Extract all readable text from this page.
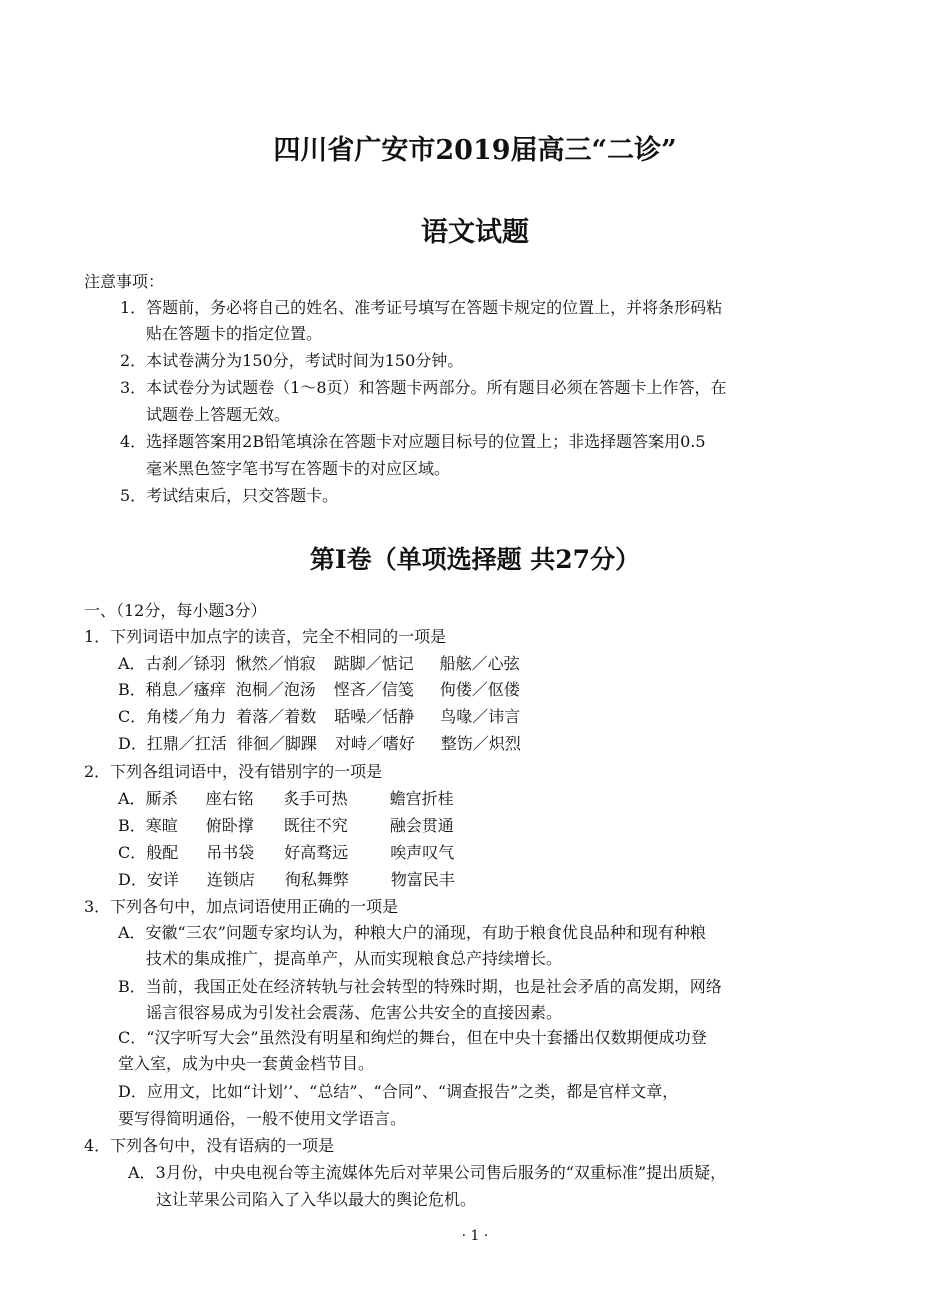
四川省广安市2019届高三“二诊”
语文试题
注意事项：
1．答题前，务必将自己的姓名、准考证号填写在答题卡规定的位置上，并将条形码粘
贴在答题卡的指定位置。
2．本试卷满分为150分，考试时间为150分钟。
3．本试卷分为试题卷（1～8页）和答题卡两部分。所有题目必须在答题卡上作答，在
试题卷上答题无效。
4．选择题答案用2B铅笔填涂在答题卡对应题目标号的位置上；非选择题答案用0.5
毫米黑色签字笔书写在答题卡的对应区域。
5．考试结束后，只交答题卡。
第Ⅰ卷（单项选择题 共27分）
一、（12分，每小题3分）
1．下列词语中加点字的读音，完全不相同的一项是
A．古刹／铩羽 愀然／悄寂 踮脚／惦记 船舷／心弦
B．稍息／瘙痒 泡桐／泡汤 悭吝／信笺 佝偻／伛偻
C．角楼／角力 着落／着数 聒噪／恬静 鸟喙／讳言
D．扛鼎／扛活 徘徊／脚踝 对峙／嗜好 整饬／炽烈
2．下列各组词语中，没有错别字的一项是
A．厮杀 座右铭 炙手可热	蟾宫折桂
B．寒暄 俯卧撑 既往不究	融会贯通
C．般配 吊书袋 好高骛远	唉声叹气
D．安详 连锁店 徇私舞弊	物富民丰
3．下列各句中，加点词语使用正确的一项是
A．安徽“三农”问题专家均认为，种粮大户的涌现，有助于粮食优良品种和现有种粮
技术的集成推广，提高单产，从而实现粮食总产持续增长。
B．当前，我国正处在经济转轨与社会转型的特殊时期，也是社会矛盾的高发期，网络
谣言很容易成为引发社会震荡、危害公共安全的直接因素。
C．“汉字听写大会”虽然没有明星和绚烂的舞台，但在中央十套播出仅数期便成功登
堂入室，成为中央一套黄金档节目。
D．应用文，比如“计划’’、“总结”、“合同”、“调查报告”之类，都是官样文章，
要写得简明通俗，一般不使用文学语言。
4．下列各句中，没有语病的一项是
A．3月份，中央电视台等主流媒体先后对苹果公司售后服务的“双重标准”提出质疑，
这让苹果公司陷入了入华以最大的舆论危机。
· 1 ·
